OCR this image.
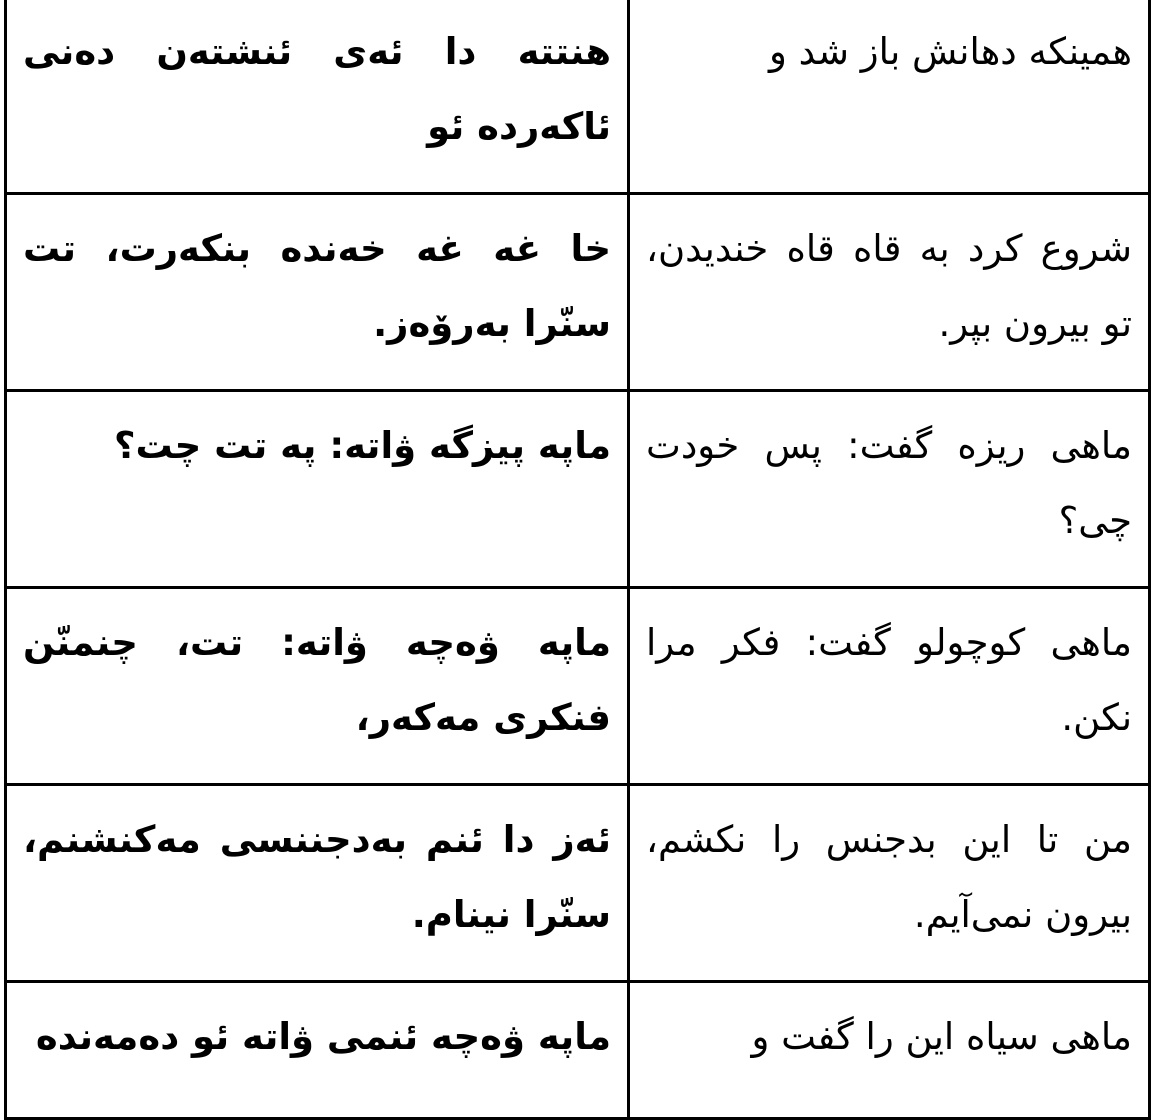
هنتته دا ئەی ئنشتەن دەنی ئاکەردە ئو	همینکه دهانش باز شد و
خا غه غه خەندە بنکەرت، تت سنّرا بەرۆەز.	شروع کرد به قاه قاه خندیدن، تو بیرون بپر.
ماپه پیزگه ۋاته: په تت چت؟	ماهی ریزه گفت: پس خودت چی؟
ماپه ۋەچه ۋاته: تت، چنمنّن فنکری مەکەر،	ماهی کوچولو گفت: فکر مرا نکن.
ئەز دا ئنم بەدجننسی مەکنشنم، سنّرا نینام.	من تا این بدجنس را نکشم، بیرون نمی‌آیم.
ماپه ۋەچه ئنمی ۋاته ئو دەمەندە	ماهی سیاه این را گفت و
